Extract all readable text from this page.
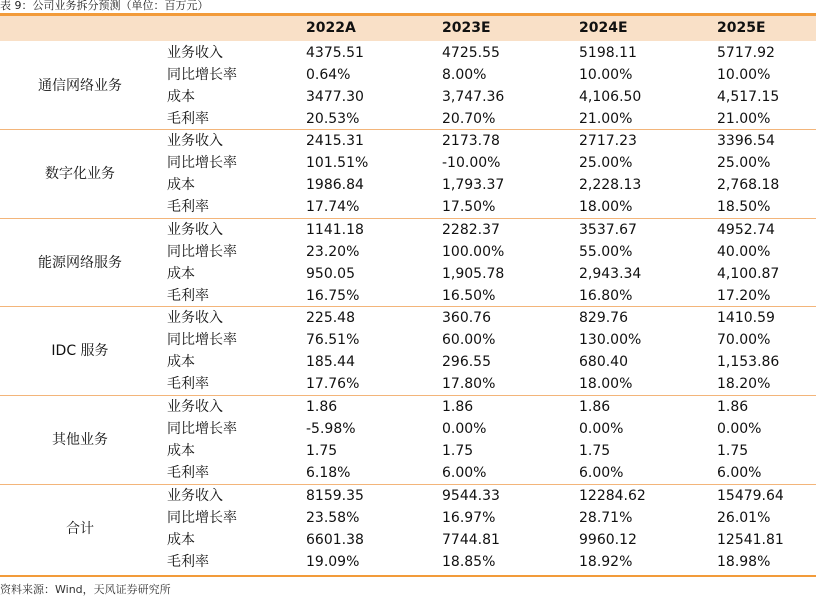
表 9：公司业务拆分预测（单位：百万元）
2022A	2023E	2024E	2025E
通信网络业务
业务收入	4375.51	4725.55	5198.11	5717.92
同比增长率	0.64%	8.00%	10.00%	10.00%
成本	3477.30	3,747.36	4,106.50	4,517.15
毛利率	20.53%	20.70%	21.00%	21.00%
数字化业务
业务收入	2415.31	2173.78	2717.23	3396.54
同比增长率	101.51%	-10.00%	25.00%	25.00%
成本	1986.84	1,793.37	2,228.13	2,768.18
毛利率	17.74%	17.50%	18.00%	18.50%
能源网络服务
业务收入	1141.18	2282.37	3537.67	4952.74
同比增长率	23.20%	100.00%	55.00%	40.00%
成本	950.05	1,905.78	2,943.34	4,100.87
毛利率	16.75%	16.50%	16.80%	17.20%
IDC 服务
业务收入	225.48	360.76	829.76	1410.59
同比增长率	76.51%	60.00%	130.00%	70.00%
成本	185.44	296.55	680.40	1,153.86
毛利率	17.76%	17.80%	18.00%	18.20%
其他业务
业务收入	1.86	1.86	1.86	1.86
同比增长率	-5.98%	0.00%	0.00%	0.00%
成本	1.75	1.75	1.75	1.75
毛利率	6.18%	6.00%	6.00%	6.00%
合计
业务收入	8159.35	9544.33	12284.62	15479.64
同比增长率	23.58%	16.97%	28.71%	26.01%
成本	6601.38	7744.81	9960.12	12541.81
毛利率	19.09%	18.85%	18.92%	18.98%
资料来源：Wind，天风证券研究所
